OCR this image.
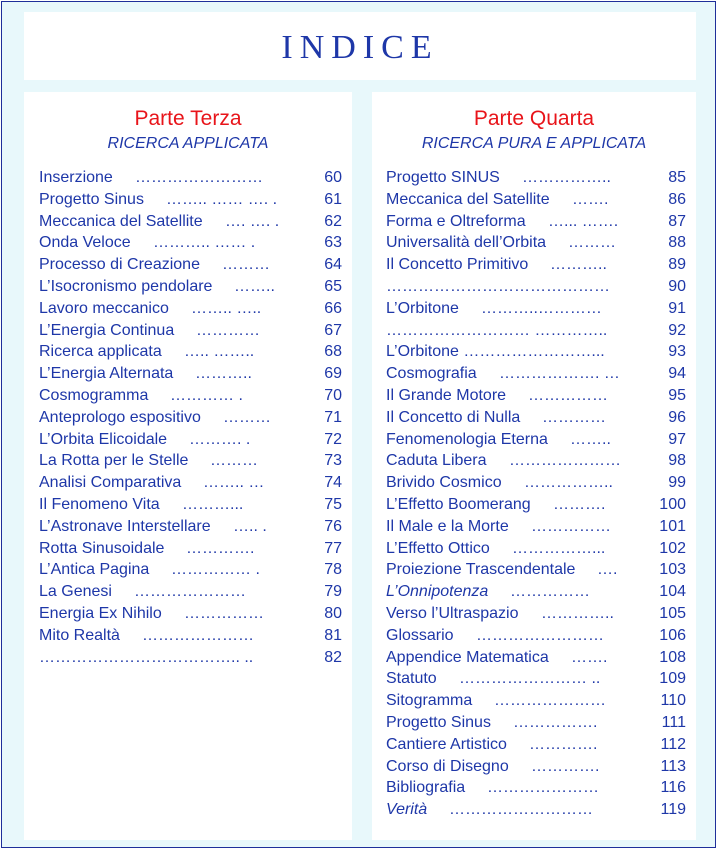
INDICE
Parte Terza
RICERCA APPLICATA
Inserzione ……………………	60
Progetto Sinus …….. …… …. .	61
Meccanica del Satellite …. …. .	62
Onda Veloce ……….. …… .	63
Processo di Creazione ………	64
L’Isocronismo pendolare ……..	65
Lavoro meccanico …….. …..	66
L’Energia Continua …………	67
Ricerca applicata ….. ……..	68
L’Energia Alternata ………..	69
Cosmogramma ………… .	70
Anteprologo espositivo ………	71
L’Orbita Elicoidale ………. .	72
La Rotta per le Stelle ………	73
Analisi Comparativa …….. …	74
Il Fenomeno Vita ………...	75
L’Astronave Interstellare ….. .	76
Rotta Sinusoidale ………….	77
L’Antica Pagina …………… .	78
La Genesi …………………	79
Energia Ex Nihilo ……………	80
Mito Realtà …………………	81
……………………………….. ..	82
Parte Quarta
RICERCA PURA E APPLICATA
Progetto SINUS ……………..	85
Meccanica del Satellite …….	86
Forma e Oltreforma …... …….	87
Universalità dell’Orbita ………	88
Il Concetto Primitivo ………..	89
……………………………………	90
L’Orbitone ………..…………	91
……………………… …………..	92
L’Orbitone ……………………...	93
Cosmografia ………………. …	94
Il Grande Motore ……………	95
Il Concetto di Nulla …………	96
Fenomenologia Eterna ……..	97
Caduta Libera …………………	98
Brivido Cosmico ……………..	99
L’Effetto Boomerang ……….	100
Il Male e la Morte ……………	101
L’Effetto Ottico ……………...	102
Proiezione Trascendentale ….	103
L’Onnipotenza ……………	104
Verso l’Ultraspazio …………..	105
Glossario ……………………	106
Appendice Matematica …….	108
Statuto …………………… ..	109
Sitogramma …………………	110
Progetto Sinus …………….	111
Cantiere Artistico ………….	112
Corso di Disegno ………….	113
Bibliografia …………………	116
Verità ………………………	119
